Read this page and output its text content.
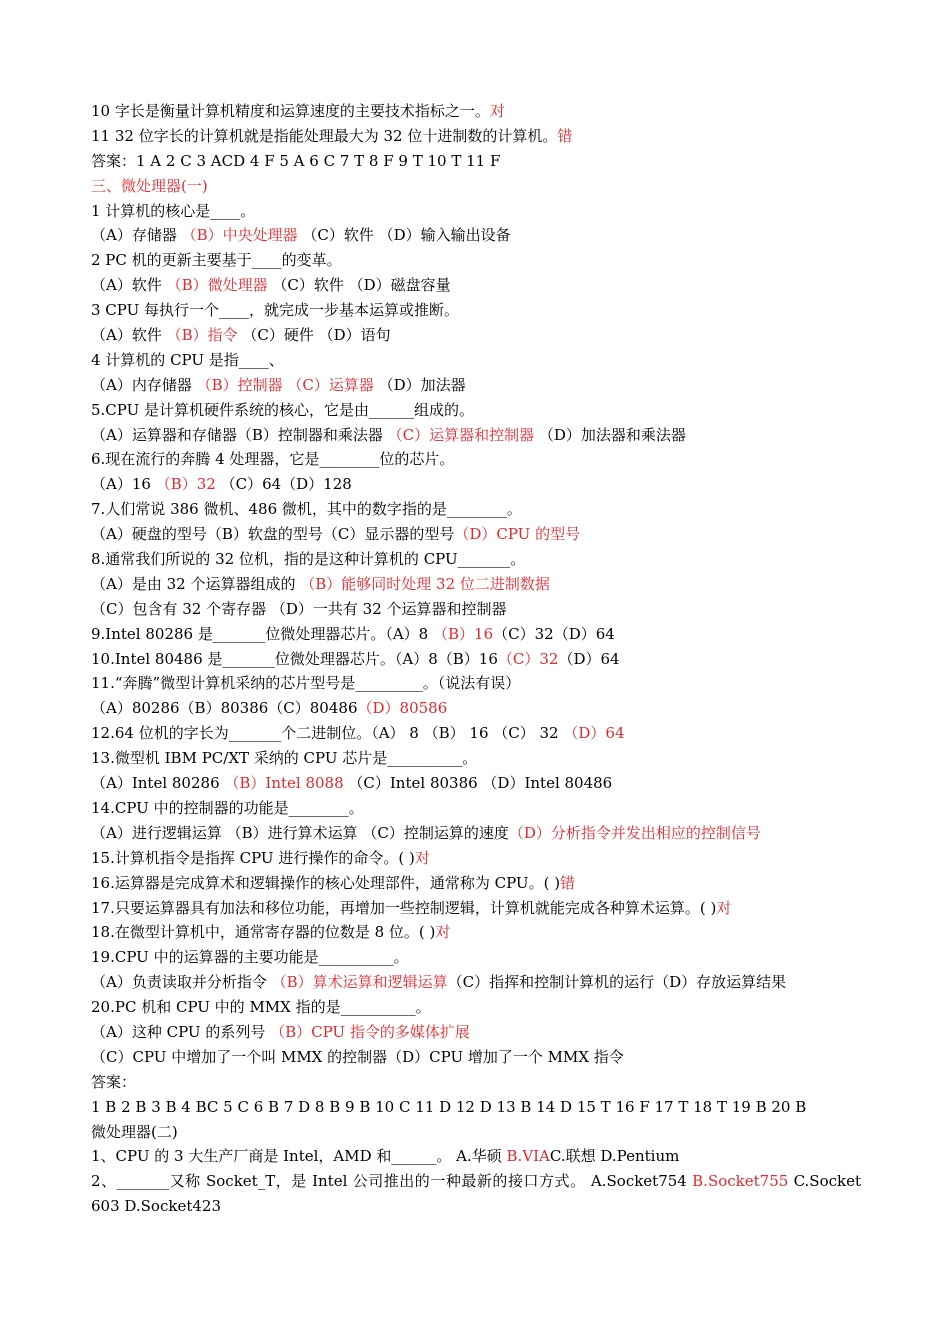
10 字长是衡量计算机精度和运算速度的主要技术指标之一。对
11 32 位字长的计算机就是指能处理最大为 32 位十进制数的计算机。错
答案：1 A 2 C 3 ACD 4 F 5 A 6 C 7 T 8 F 9 T 10 T 11 F
三、微处理器(一)
1 计算机的核心是____。
（A）存储器 （B）中央处理器 （C）软件 （D）输入输出设备
2 PC 机的更新主要基于____的变革。
（A）软件 （B）微处理器 （C）软件 （D）磁盘容量
3 CPU 每执行一个____，就完成一步基本运算或推断。
（A）软件 （B）指令 （C）硬件 （D）语句
4 计算机的 CPU 是指____、
（A）内存储器 （B）控制器 （C）运算器 （D）加法器
5.CPU 是计算机硬件系统的核心，它是由______组成的。
（A）运算器和存储器（B）控制器和乘法器 （C）运算器和控制器 （D）加法器和乘法器
6.现在流行的奔腾 4 处理器，它是________位的芯片。
（A）16 （B）32 （C）64（D）128
7.人们常说 386 微机、486 微机，其中的数字指的是________。
（A）硬盘的型号（B）软盘的型号（C）显示器的型号（D）CPU 的型号
8.通常我们所说的 32 位机，指的是这种计算机的 CPU_______。
（A）是由 32 个运算器组成的 （B）能够同时处理 32 位二进制数据
（C）包含有 32 个寄存器 （D）一共有 32 个运算器和控制器
9.Intel 80286 是_______位微处理器芯片。（A）8 （B）16（C）32（D）64
10.Intel 80486 是_______位微处理器芯片。（A）8（B）16（C）32（D）64
11.“奔腾”微型计算机采纳的芯片型号是_________。（说法有误）
（A）80286（B）80386（C）80486（D）80586
12.64 位机的字长为_______个二进制位。（A） 8 （B） 16 （C） 32 （D）64
13.微型机 IBM PC/XT 采纳的 CPU 芯片是__________。
（A）Intel 80286 （B）Intel 8088 （C）Intel 80386 （D）Intel 80486
14.CPU 中的控制器的功能是________。
（A）进行逻辑运算 （B）进行算术运算 （C）控制运算的速度（D）分析指令并发出相应的控制信号
15.计算机指令是指挥 CPU 进行操作的命令。( )对
16.运算器是完成算术和逻辑操作的核心处理部件，通常称为 CPU。( )错
17.只要运算器具有加法和移位功能，再增加一些控制逻辑，计算机就能完成各种算术运算。( )对
18.在微型计算机中，通常寄存器的位数是 8 位。( )对
19.CPU 中的运算器的主要功能是__________。
（A）负责读取并分析指令 （B）算术运算和逻辑运算（C）指挥和控制计算机的运行（D）存放运算结果
20.PC 机和 CPU 中的 MMX 指的是__________。
（A）这种 CPU 的系列号 （B）CPU 指令的多媒体扩展
（C）CPU 中增加了一个叫 MMX 的控制器（D）CPU 增加了一个 MMX 指令
答案：
1 B 2 B 3 B 4 BC 5 C 6 B 7 D 8 B 9 B 10 C 11 D 12 D 13 B 14 D 15 T 16 F 17 T 18 T 19 B 20 B
微处理器(二)
1、CPU 的 3 大生产厂商是 Intel，AMD 和______。 A.华硕 B.VIAC.联想 D.Pentium
2、_______又称 Socket_T，是 Intel 公司推出的一种最新的接口方式。 A.Socket754 B.Socket755 C.Socket 603 D.Socket423
